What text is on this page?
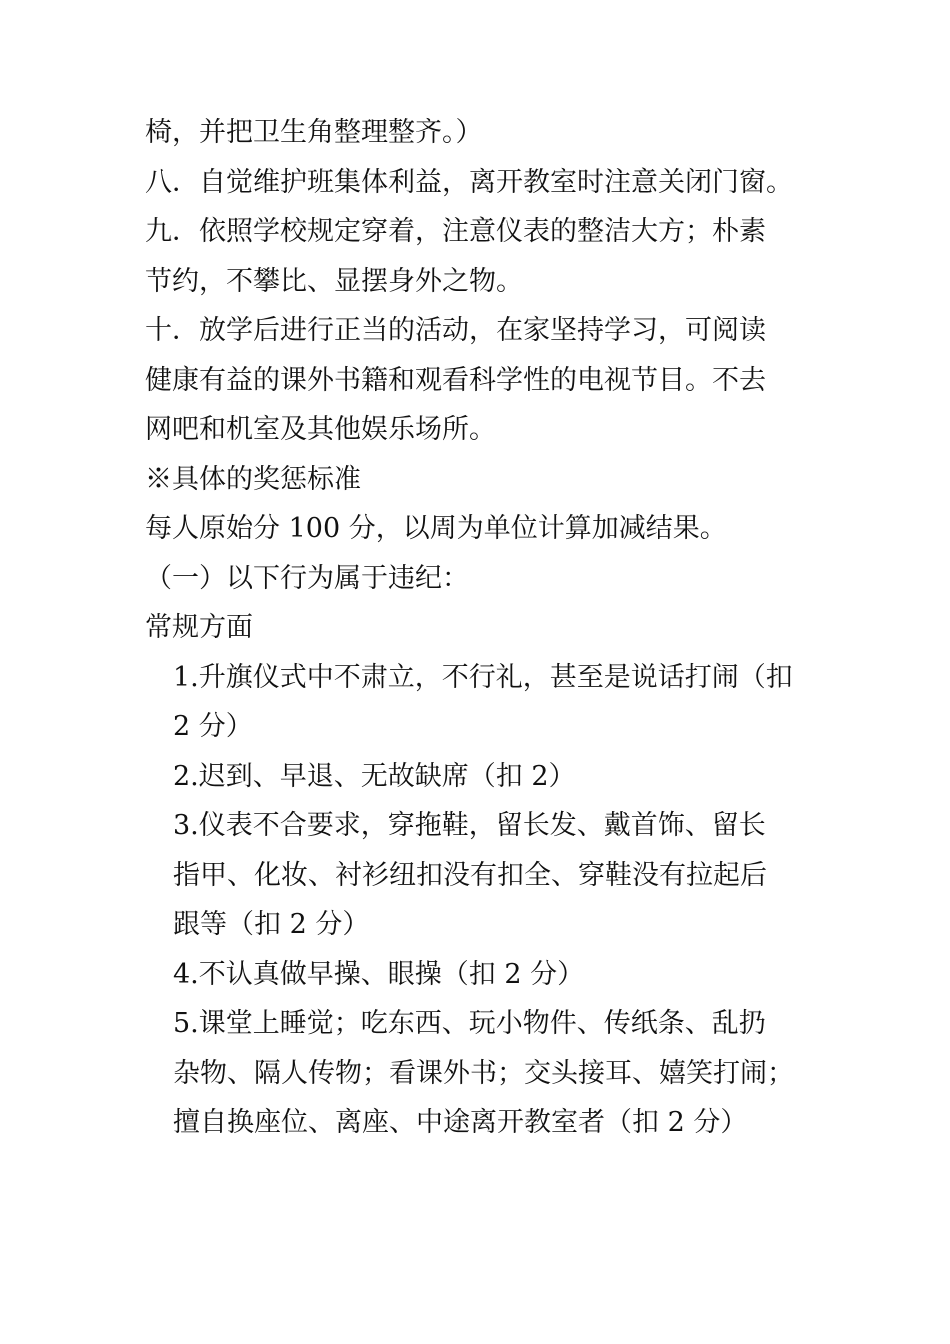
椅，并把卫生角整理整齐。）
八．自觉维护班集体利益，离开教室时注意关闭门窗。
九．依照学校规定穿着，注意仪表的整洁大方；朴素
节约，不攀比、显摆身外之物。
十．放学后进行正当的活动，在家坚持学习，可阅读
健康有益的课外书籍和观看科学性的电视节目。不去
网吧和机室及其他娱乐场所。
※具体的奖惩标准
每人原始分 100 分，以周为单位计算加减结果。
（一）以下行为属于违纪：
常规方面
1.升旗仪式中不肃立，不行礼，甚至是说话打闹（扣
2 分）
2.迟到、早退、无故缺席（扣 2）
3.仪表不合要求，穿拖鞋，留长发、戴首饰、留长
指甲、化妆、衬衫纽扣没有扣全、穿鞋没有拉起后
跟等（扣 2 分）
4.不认真做早操、眼操（扣 2 分）
5.课堂上睡觉；吃东西、玩小物件、传纸条、乱扔
杂物、隔人传物；看课外书；交头接耳、嬉笑打闹；
擅自换座位、离座、中途离开教室者（扣 2 分）
